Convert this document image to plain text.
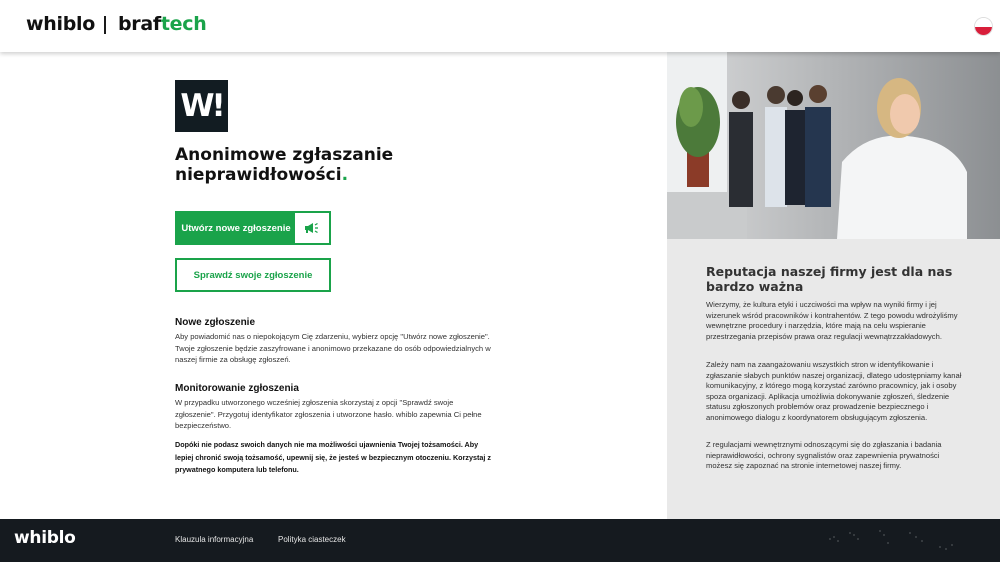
whiblo braftech
W!
Anonimowe zgłaszanie
nieprawidłowości.
Utwórz nowe zgłoszenie
Sprawdź swoje zgłoszenie
Nowe zgłoszenie

Aby powiadomić nas o niepokojącym Cię zdarzeniu, wybierz opcję "Utwórz nowe zgłoszenie". Twoje zgłoszenie będzie zaszyfrowane i anonimowo przekazane do osób odpowiedzialnych w naszej firmie za obsługę zgłoszeń.

Monitorowanie zgłoszenia

W przypadku utworzonego wcześniej zgłoszenia skorzystaj z opcji "Sprawdź swoje zgłoszenie". Przygotuj identyfikator zgłoszenia i utworzone hasło. whiblo zapewnia Ci pełne bezpieczeństwo.

Dopóki nie podasz swoich danych nie ma możliwości ujawnienia Twojej tożsamości. Aby lepiej chronić swoją tożsamość, upewnij się, że jesteś w bezpiecznym otoczeniu. Korzystaj z prywatnego komputera lub telefonu.

Reputacja naszej firmy jest dla nas bardzo ważna

Wierzymy, że kultura etyki i uczciwości ma wpływ na wyniki firmy i jej wizerunek wśród pracowników i kontrahentów. Z tego powodu wdrożyliśmy wewnętrzne procedury i narzędzia, które mają na celu wspieranie przestrzegania przepisów prawa oraz regulacji wewnątrzzakładowych.

Zależy nam na zaangażowaniu wszystkich stron w identyfikowanie i zgłaszanie słabych punktów naszej organizacji, dlatego udostępniamy kanał komunikacyjny, z którego mogą korzystać zarówno pracownicy, jak i osoby spoza organizacji. Aplikacja umożliwia dokonywanie zgłoszeń, śledzenie statusu zgłoszonych problemów oraz prowadzenie bezpiecznego i anonimowego dialogu z koordynatorem obsługującym zgłoszenia.

Z regulacjami wewnętrznymi odnoszącymi się do zgłaszania i badania nieprawidłowości, ochrony sygnalistów oraz zapewnienia prywatności możesz się zapoznać na stronie internetowej naszej firmy.

whiblo	Klauzula informacyjna	Polityka ciasteczek
